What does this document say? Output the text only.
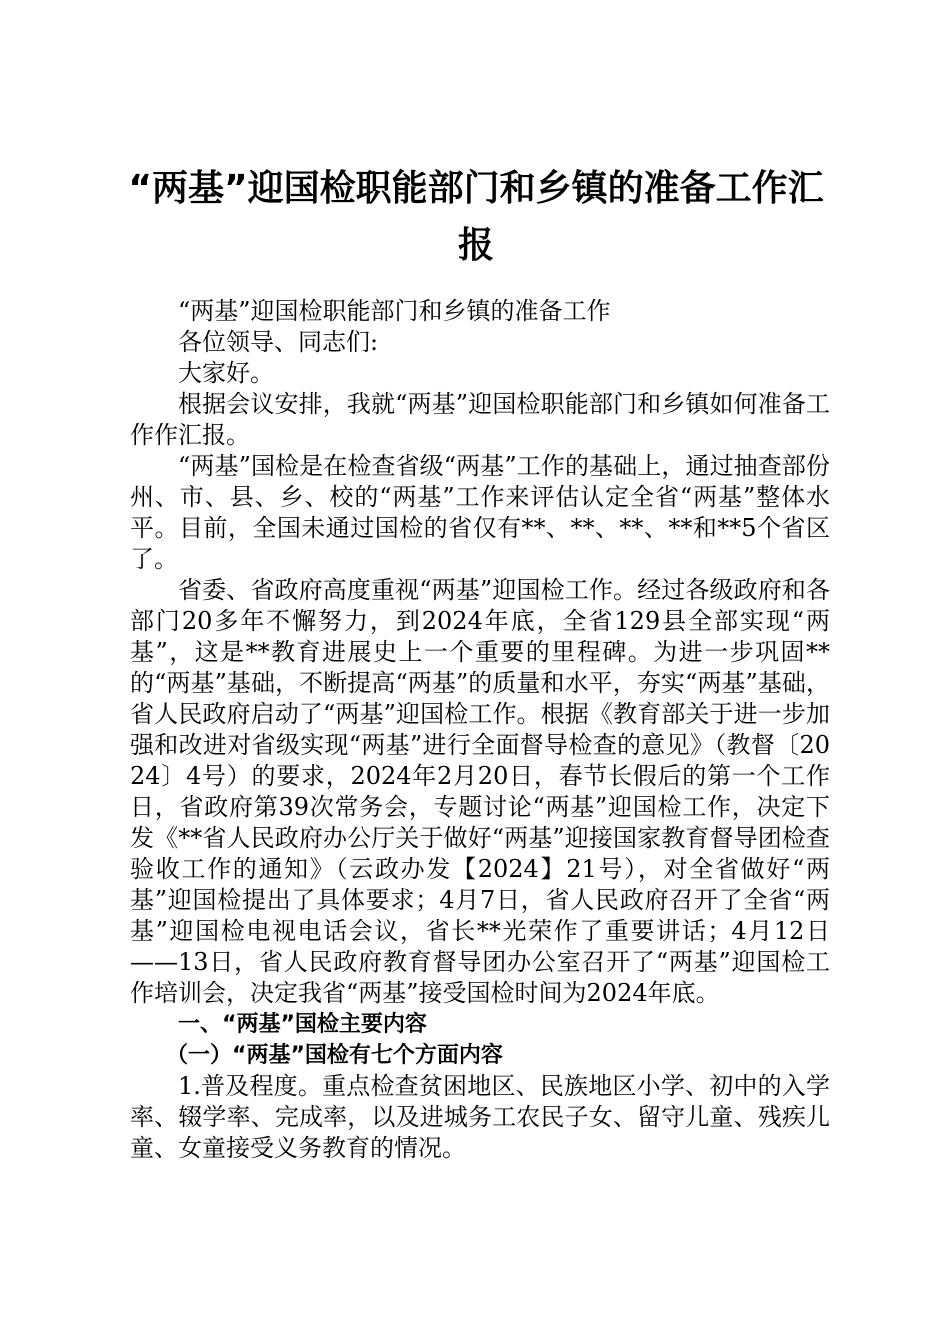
“两基”迎国检职能部门和乡镇的准备工作汇报

“两基”迎国检职能部门和乡镇的准备工作

各位领导、同志们:

大家好。

根据会议安排，我就“两基”迎国检职能部门和乡镇如何准备工作作汇报。

“两基”国检是在检查省级“两基”工作的基础上，通过抽查部份州、市、县、乡、校的“两基”工作来评估认定全省“两基”整体水平。目前，全国未通过国检的省仅有**、**、**、**和**5个省区了。

省委、省政府高度重视“两基”迎国检工作。经过各级政府和各部门20多年不懈努力，到2024年底，全省129县全部实现“两基”，这是**教育进展史上一个重要的里程碑。为进一步巩固**的“两基”基础，不断提高“两基”的质量和水平，夯实“两基”基础，省人民政府启动了“两基”迎国检工作。根据《教育部关于进一步加强和改进对省级实现“两基”进行全面督导检查的意见》（教督〔2024〕4号）的要求，2024年2月20日，春节长假后的第一个工作日，省政府第39次常务会，专题讨论“两基”迎国检工作，决定下发《**省人民政府办公厅关于做好“两基”迎接国家教育督导团检查验收工作的通知》（云政办发【2024】21号），对全省做好“两基”迎国检提出了具体要求；4月7日，省人民政府召开了全省“两基”迎国检电视电话会议，省长**光荣作了重要讲话；4月12日——13日，省人民政府教育督导团办公室召开了“两基”迎国检工作培训会，决定我省“两基”接受国检时间为2024年底。

一、“两基”国检主要内容

（一）“两基”国检有七个方面内容

1.普及程度。重点检查贫困地区、民族地区小学、初中的入学率、辍学率、完成率，以及进城务工农民子女、留守儿童、残疾儿童、女童接受义务教育的情况。
